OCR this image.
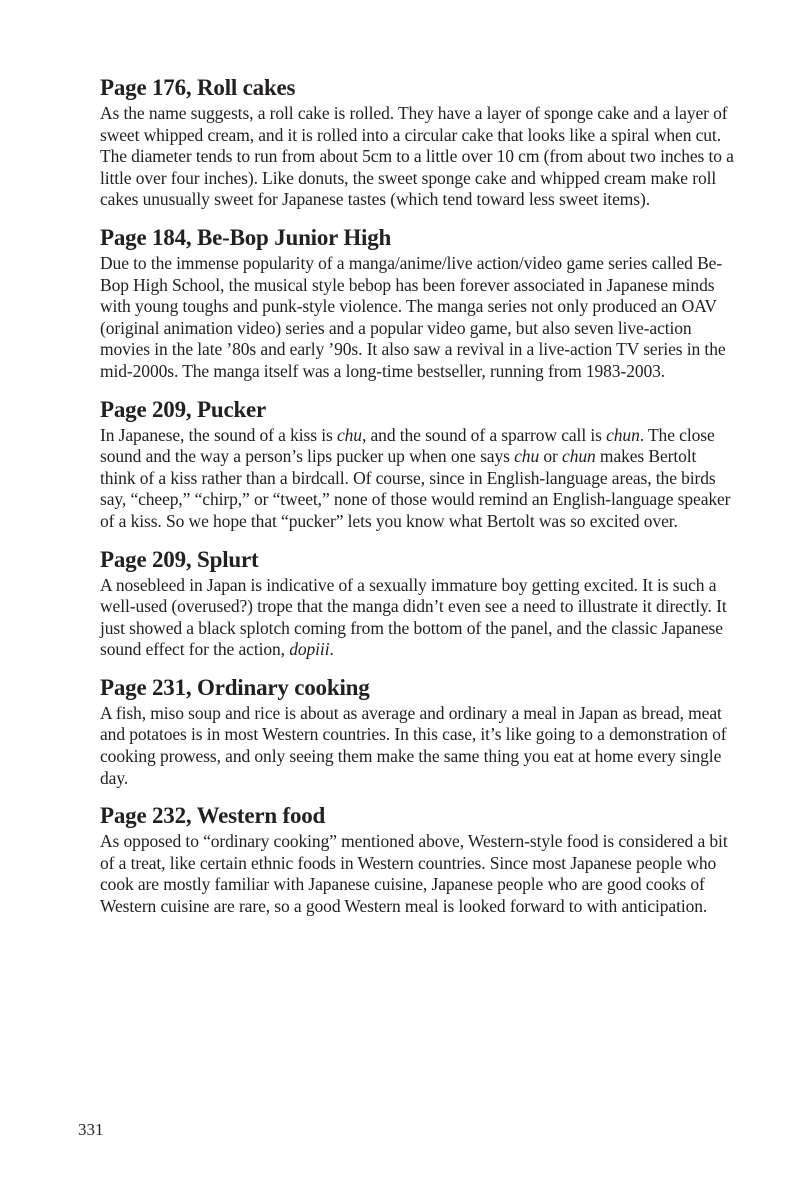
Page 176, Roll cakes

As the name suggests, a roll cake is rolled. They have a layer of sponge cake and a layer of sweet whipped cream, and it is rolled into a circular cake that looks like a spiral when cut. The diameter tends to run from about 5cm to a little over 10 cm (from about two inches to a little over four inches). Like donuts, the sweet sponge cake and whipped cream make roll cakes unusually sweet for Japanese tastes (which tend toward less sweet items).

Page 184, Be-Bop Junior High

Due to the immense popularity of a manga/anime/live action/video game series called Be-Bop High School, the musical style bebop has been forever associated in Japanese minds with young toughs and punk-style violence. The manga series not only produced an OAV (original animation video) series and a popular video game, but also seven live-action movies in the late ’80s and early ’90s. It also saw a revival in a live-action TV series in the mid-2000s. The manga itself was a long-time bestseller, running from 1983-2003.

Page 209, Pucker

In Japanese, the sound of a kiss is chu, and the sound of a sparrow call is chun. The close sound and the way a person’s lips pucker up when one says chu or chun makes Bertolt think of a kiss rather than a birdcall. Of course, since in English-language areas, the birds say, “cheep,” “chirp,” or “tweet,” none of those would remind an English-language speaker of a kiss. So we hope that “pucker” lets you know what Bertolt was so excited over.

Page 209, Splurt

A nosebleed in Japan is indicative of a sexually immature boy getting excited. It is such a well-used (overused?) trope that the manga didn’t even see a need to illustrate it directly. It just showed a black splotch coming from the bottom of the panel, and the classic Japanese sound effect for the action, dopiii.

Page 231, Ordinary cooking

A fish, miso soup and rice is about as average and ordinary a meal in Japan as bread, meat and potatoes is in most Western countries. In this case, it’s like going to a demonstration of cooking prowess, and only seeing them make the same thing you eat at home every single day.

Page 232, Western food

As opposed to “ordinary cooking” mentioned above, Western-style food is considered a bit of a treat, like certain ethnic foods in Western countries. Since most Japanese people who cook are mostly familiar with Japanese cuisine, Japanese people who are good cooks of Western cuisine are rare, so a good Western meal is looked forward to with anticipation.

331
